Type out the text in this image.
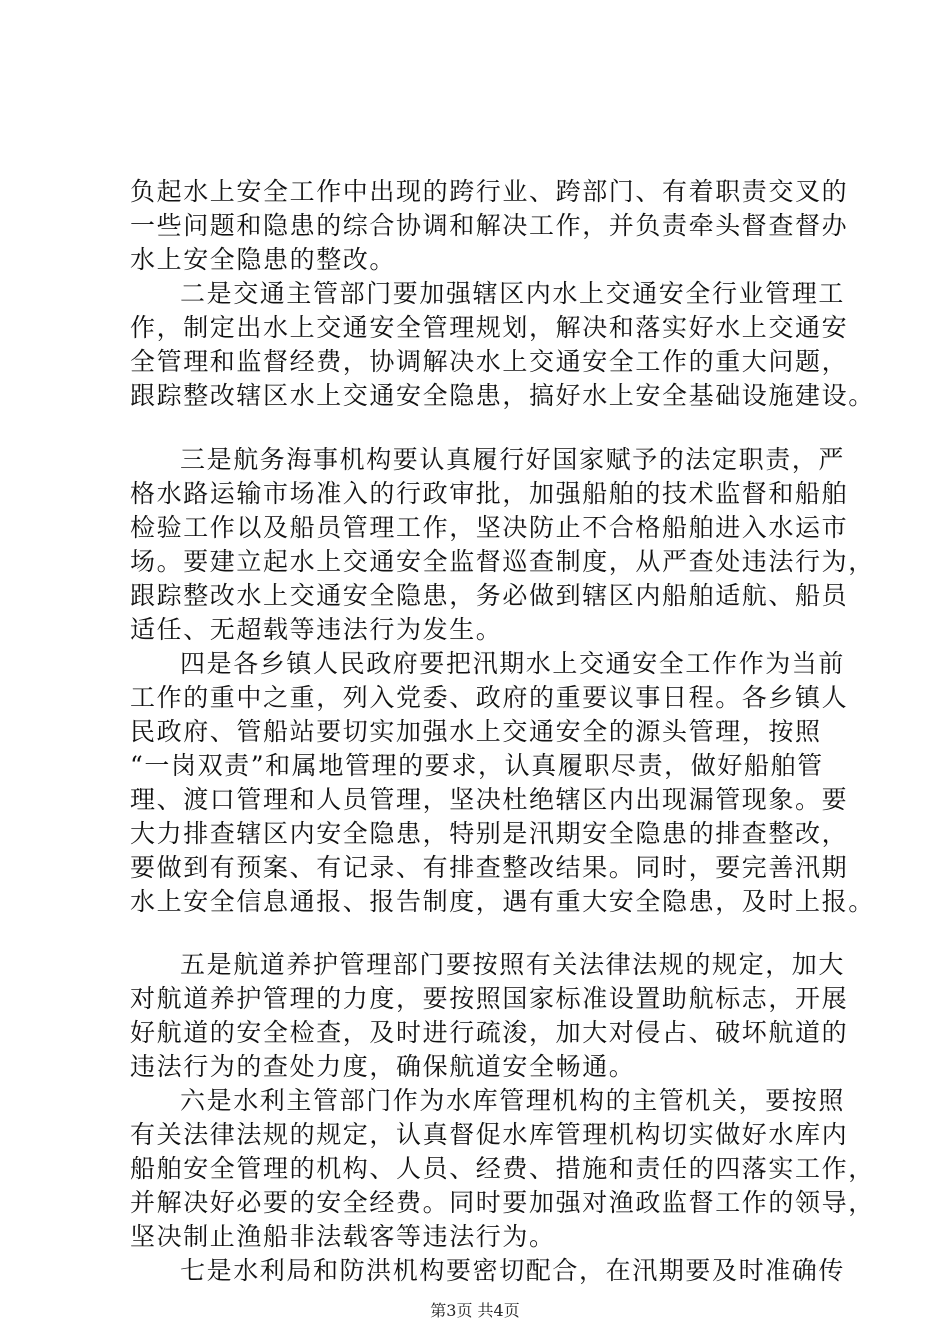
负起水上安全工作中出现的跨行业、跨部门、有着职责交叉的
一些问题和隐患的综合协调和解决工作，并负责牵头督查督办
水上安全隐患的整改。
二是交通主管部门要加强辖区内水上交通安全行业管理工
作，制定出水上交通安全管理规划，解决和落实好水上交通安
全管理和监督经费，协调解决水上交通安全工作的重大问题，
跟踪整改辖区水上交通安全隐患，搞好水上安全基础设施建设。
三是航务海事机构要认真履行好国家赋予的法定职责，严
格水路运输市场准入的行政审批，加强船舶的技术监督和船舶
检验工作以及船员管理工作，坚决防止不合格船舶进入水运市
场。要建立起水上交通安全监督巡查制度，从严查处违法行为，
跟踪整改水上交通安全隐患，务必做到辖区内船舶适航、船员
适任、无超载等违法行为发生。
四是各乡镇人民政府要把汛期水上交通安全工作作为当前
工作的重中之重，列入党委、政府的重要议事日程。各乡镇人
民政府、管船站要切实加强水上交通安全的源头管理，按照
“一岗双责”和属地管理的要求，认真履职尽责，做好船舶管
理、渡口管理和人员管理，坚决杜绝辖区内出现漏管现象。要
大力排查辖区内安全隐患，特别是汛期安全隐患的排查整改，
要做到有预案、有记录、有排查整改结果。同时，要完善汛期
水上安全信息通报、报告制度，遇有重大安全隐患，及时上报。
五是航道养护管理部门要按照有关法律法规的规定，加大
对航道养护管理的力度，要按照国家标准设置助航标志，开展
好航道的安全检查，及时进行疏浚，加大对侵占、破坏航道的
违法行为的查处力度，确保航道安全畅通。
六是水利主管部门作为水库管理机构的主管机关，要按照
有关法律法规的规定，认真督促水库管理机构切实做好水库内
船舶安全管理的机构、人员、经费、措施和责任的四落实工作，
并解决好必要的安全经费。同时要加强对渔政监督工作的领导，
坚决制止渔船非法载客等违法行为。
七是水利局和防洪机构要密切配合，在汛期要及时准确传
第3页 共4页
